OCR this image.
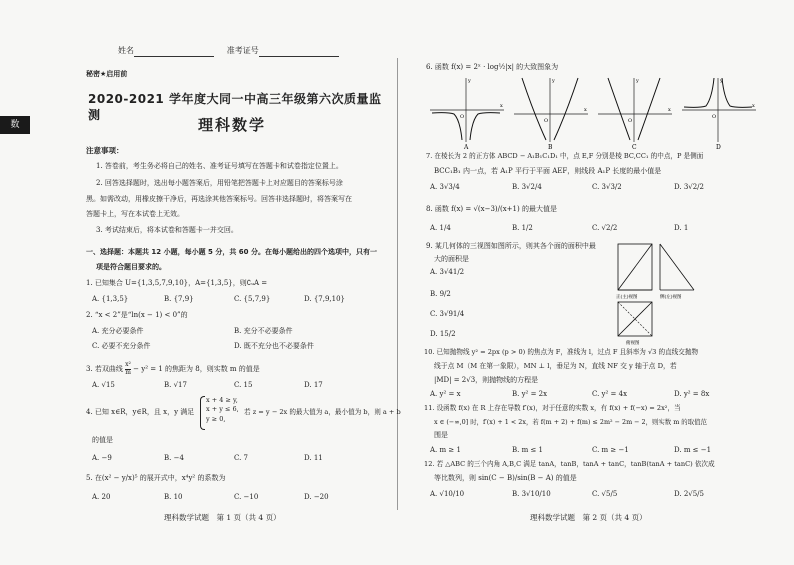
数
姓名	准考证号
秘密★启用前
2020-2021 学年度大同一中高三年级第六次质量监测
理科数学
注意事项：
1. 答卷前，考生务必将自己的姓名、准考证号填写在答题卡和试卷指定位置上。
2. 回答选择题时，选出每小题答案后，用铅笔把答题卡上对应题目的答案标号涂
黑。如需改动，用橡皮擦干净后，再选涂其他答案标号。回答非选择题时，将答案写在
答题卡上，写在本试卷上无效。
3. 考试结束后，将本试卷和答题卡一并交回。
一、选择题：本题共 12 小题，每小题 5 分，共 60 分。在每小题给出的四个选项中，只有一
项是符合题目要求的。
1. 已知集合 U={1,3,5,7,9,10}，A={1,3,5}，则∁ᵤA =
A. {1,3,5}	B. {7,9}	C. {5,7,9}	D. {7,9,10}
2. “x < 2”是“ln(x − 1) < 0”的
A. 充分必要条件	B. 充分不必要条件
C. 必要不充分条件	D. 既不充分也不必要条件
3. 若双曲线 $\frac{\text{x²}}{m} - y^2 = 1$ 的焦距为 8，则实数 m 的值是
A. √15	B. √17	C. 15	D. 17
4. 已知 x∈R，y∈R，且 x，y 满足
x + 4 ≥ y,
x + y ≤ 6,
y ≥ 0,
若 z = y − 2x 的最大值为 a，最小值为 b，则 a + b
的值是
A. −9	B. −4	C. 7	D. 11
5. 在(x² − y/x)⁵ 的展开式中，x⁴y² 的系数为
A. 20	B. 10	C. −10	D. −20
理科数学试题　第 1 页（共 4 页）
6. 函数 f(x) = 2ˣ · log½|x| 的大致图象为
O
x
y
A
O
x
y
B
O
x
y
C
O
x
y
D
7. 在棱长为 2 的正方体 ABCD − A₁B₁C₁D₁ 中，点 E,F 分别是棱 BC,CC₁ 的中点，P 是侧面
BCC₁B₁ 内一点，若 A₁P 平行于平面 AEF，则线段 A₁P 长度的最小值是
A. 3√3/4	B. 3√2/4	C. 3√3/2	D. 3√2/2
8. 函数 f(x) = √(x−3)/(x+1) 的最大值是
A. 1/4	B. 1/2	C. √2/2	D. 1
9. 某几何体的三视图如图所示，则其各个面的面积中最
大的面积是
A. 3√41/2
B. 9/2
C. 3√91/4
D. 15/2
正(主)视图	侧(左)视图
俯视图
10. 已知抛物线 y² = 2px (p > 0) 的焦点为 F，准线为 l，过点 F 且斜率为 √3 的直线交抛物
线于点 M（M 在第一象限），MN ⊥ l，垂足为 N，直线 NF 交 y 轴于点 D，若
|MD| = 2√3，则抛物线的方程是
A. y² = x	B. y² = 2x	C. y² = 4x	D. y² = 8x
11. 设函数 f(x) 在 R 上存在导数 f′(x)，对于任意的实数 x，有 f(x) + f(−x) = 2x²，当
x ∈ (−∞,0] 时，f′(x) + 1 < 2x，若 f(m + 2) + f(m) ≤ 2m² − 2m − 2，则实数 m 的取值范
围是
A. m ≥ 1	B. m ≤ 1	C. m ≥ −1	D. m ≤ −1
12. 若 △ABC 的三个内角 A,B,C 满足 tanA，tanB，tanA + tanC，tanB(tanA + tanC) 依次成
等比数列，则 sin(C − B)/sin(B − A) 的值是
A. √10/10	B. 3√10/10	C. √5/5	D. 2√5/5
理科数学试题　第 2 页（共 4 页）
